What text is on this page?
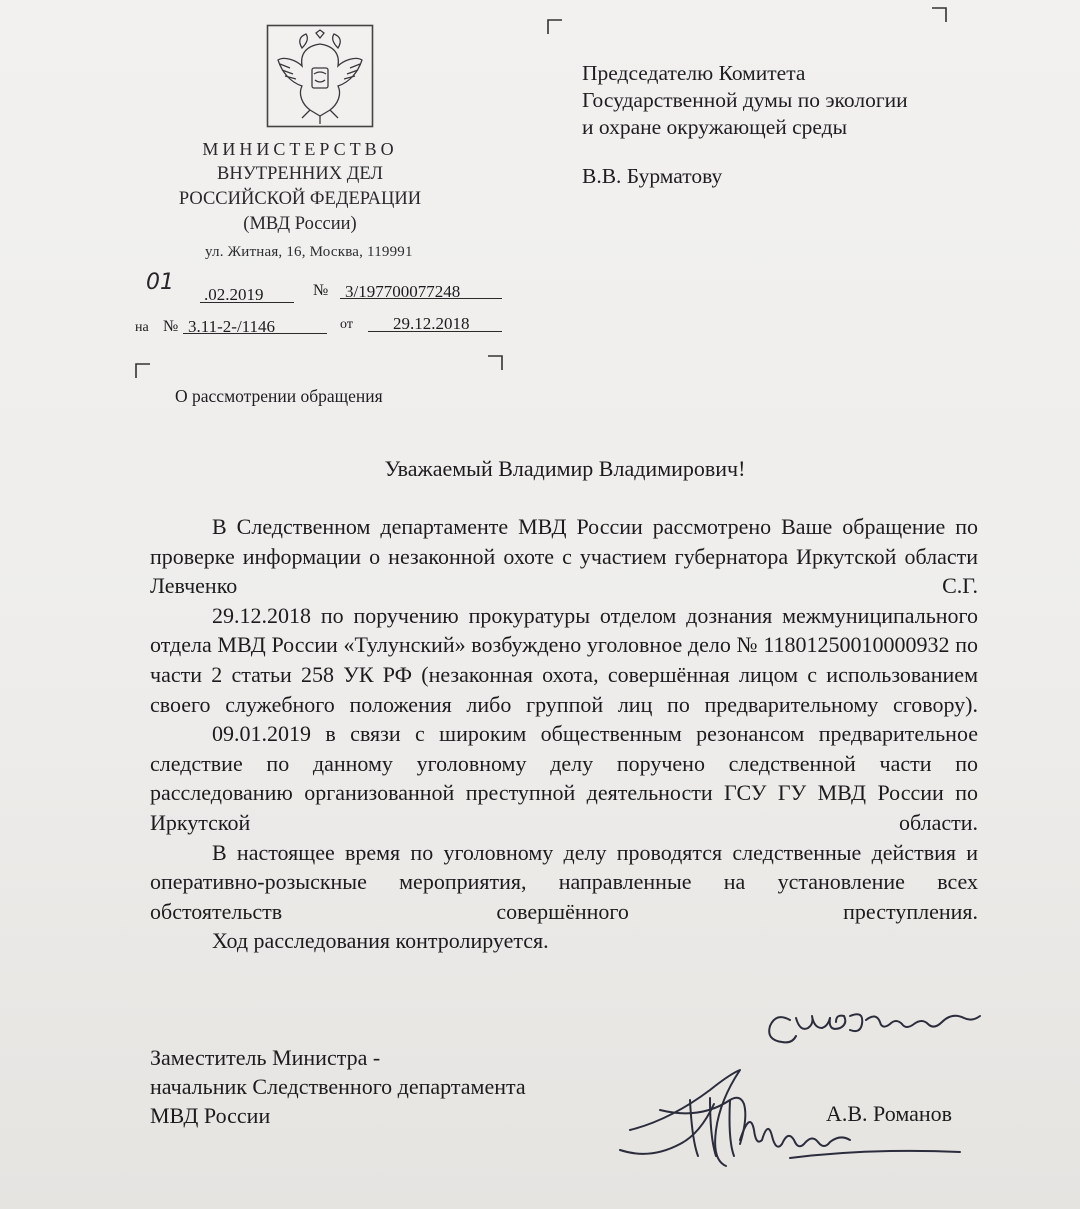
МИНИСТЕРСТВО
ВНУТРЕННИХ ДЕЛ
РОССИЙСКОЙ ФЕДЕРАЦИИ
(МВД России)
ул. Житная, 16, Москва, 119991
01 .02.2019	№ 3/197700077248
на № 3.11-2-/1146	от 29.12.2018
Председателю Комитета
Государственной думы по экологии
и охране окружающей среды
В.В. Бурматову
О рассмотрении обращения
Уважаемый Владимир Владимирович!

В Следственном департаменте МВД России рассмотрено Ваше обращение по проверке информации о незаконной охоте с участием губернатора Иркутской области Левченко С.Г.

29.12.2018 по поручению прокуратуры отделом дознания межмуниципального отдела МВД России «Тулунский» возбуждено уголовное дело № 11801250010000932 по части 2 статьи 258 УК РФ (незаконная охота, совершённая лицом с использованием своего служебного положения либо группой лиц по предварительному сговору).

09.01.2019 в связи с широким общественным резонансом предварительное следствие по данному уголовному делу поручено следственной части по расследованию организованной преступной деятельности ГСУ ГУ МВД России по Иркутской области.

В настоящее время по уголовному делу проводятся следственные действия и оперативно-розыскные мероприятия, направленные на установление всех обстоятельств совершённого преступления.

Ход расследования контролируется.

Заместитель Министра -
начальник Следственного департамента
МВД России	А.В. Романов
